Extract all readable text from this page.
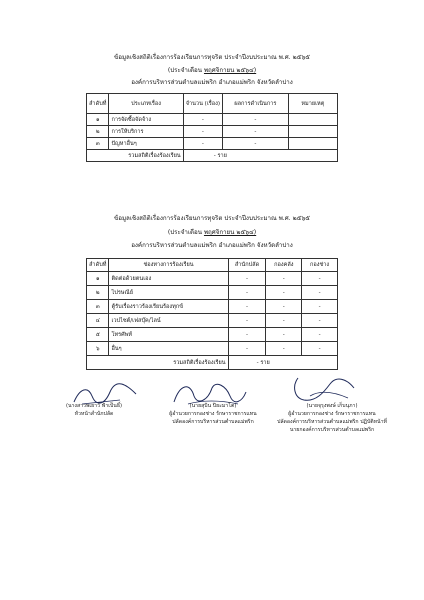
ข้อมูลเชิงสถิติเรื่องการร้องเรียนการทุจริต ประจำปีงบประมาณ พ.ศ. ๒๕๖๕
(ประจำเดือน พฤศจิกายน ๒๕๖๔)
องค์การบริหารส่วนตำบลแม่พริก อำเภอแม่พริก จังหวัดลำปาง
ลำดับที่	ประเภทเรื่อง	จำนวน (เรื่อง)	ผลการดำเนินการ	หมายเหตุ
๑	การจัดซื้อจัดจ้าง	-	-	
๒	การให้บริการ	-	-	
๓	ปัญหาอื่นๆ	-	-	
รวมสถิติเรื่องร้องเรียน		- ราย		
ข้อมูลเชิงสถิติเรื่องการร้องเรียนการทุจริต ประจำปีงบประมาณ พ.ศ. ๒๕๖๕
(ประจำเดือน พฤศจิกายน ๒๕๖๔)
องค์การบริหารส่วนตำบลแม่พริก อำเภอแม่พริก จังหวัดลำปาง
ลำดับที่	ช่องทางการร้องเรียน	สำนักปลัด	กองคลัง	กองช่าง
๑	ติดต่อด้วยตนเอง	-	-	-
๒	ไปรษณีย์	-	-	-
๓	ตู้รับเรื่องราวร้องเรียนร้องทุกข์	-	-	-
๔	เวปไซต์/เฟสบุ๊ค/ไลน์	-	-	-
๕	โทรศัพท์	-	-	-
๖	อื่นๆ	-	-	-
รวมสถิติเรื่องร้องเรียน		- ราย		
(นางสาวพเยาว์ ฟ้าเป็นธิ์)
หัวหน้าสำนักปลัด
(นายสุบิน ปิยะมาโต)
ผู้อำนวยการกองช่าง รักษาราชการแทน
ปลัดองค์การบริหารส่วนตำบลแม่พริก
(นายจุรุงพงษ์ เก็บนุภา)
ผู้อำนวยการกองช่าง รักษาราชการแทน
ปลัดองค์การบริหารส่วนตำบลแม่พริก ปฏิบัติหน้าที่
นายกองค์การบริหารส่วนตำบลแม่พริก
